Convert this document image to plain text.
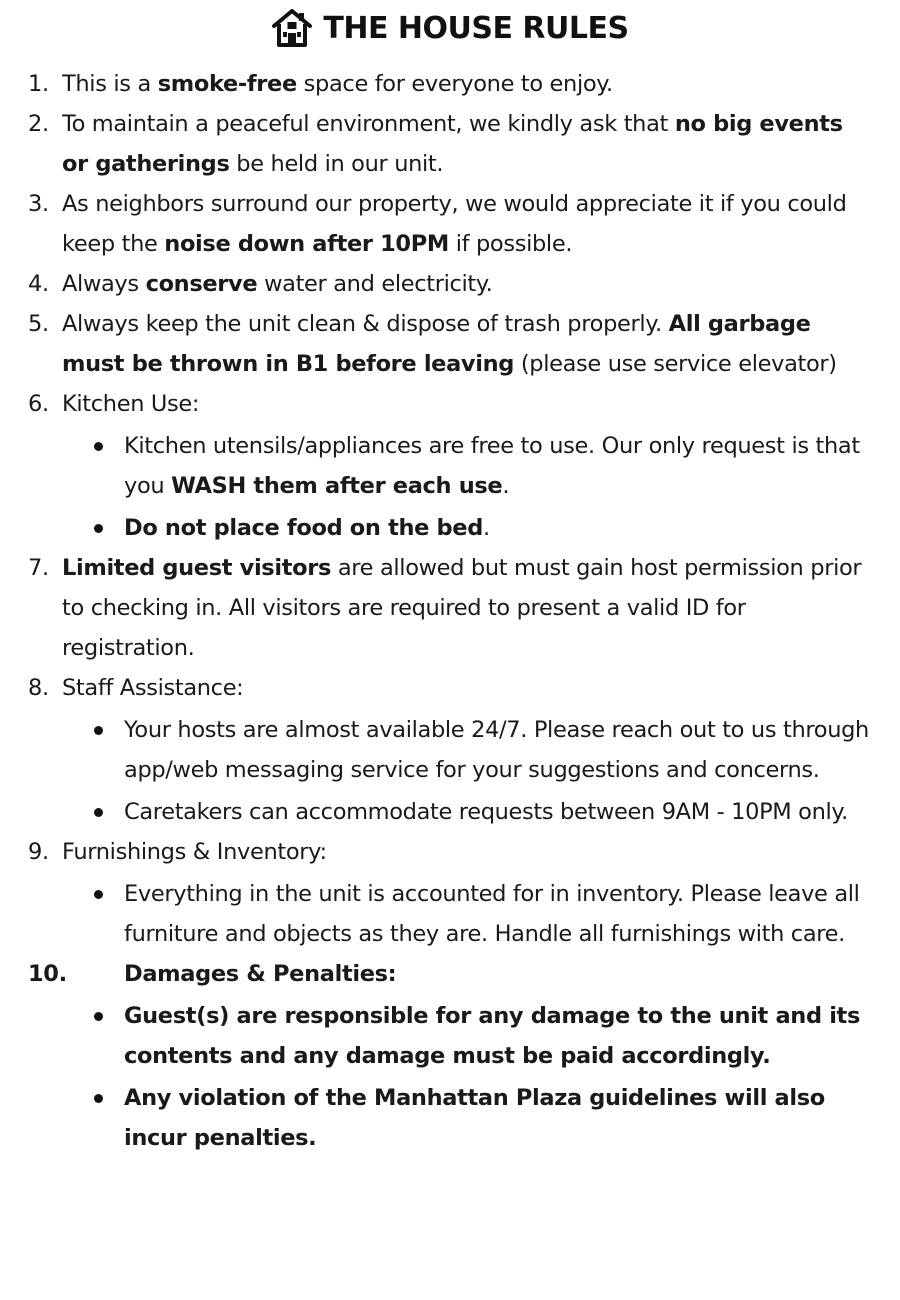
THE HOUSE RULES
1. This is a smoke-free space for everyone to enjoy.
2. To maintain a peaceful environment, we kindly ask that no big events or gatherings be held in our unit.
3. As neighbors surround our property, we would appreciate it if you could keep the noise down after 10PM if possible.
4. Always conserve water and electricity.
5. Always keep the unit clean & dispose of trash properly. All garbage must be thrown in B1 before leaving (please use service elevator)
6. Kitchen Use:
Kitchen utensils/appliances are free to use. Our only request is that you WASH them after each use.
Do not place food on the bed.
7. Limited guest visitors are allowed but must gain host permission prior to checking in. All visitors are required to present a valid ID for registration.
8. Staff Assistance:
Your hosts are almost available 24/7. Please reach out to us through app/web messaging service for your suggestions and concerns.
Caretakers can accommodate requests between 9AM - 10PM only.
9. Furnishings & Inventory:
Everything in the unit is accounted for in inventory. Please leave all furniture and objects as they are. Handle all furnishings with care.
10.	Damages & Penalties:
Guest(s) are responsible for any damage to the unit and its contents and any damage must be paid accordingly.
Any violation of the Manhattan Plaza guidelines will also incur penalties.
